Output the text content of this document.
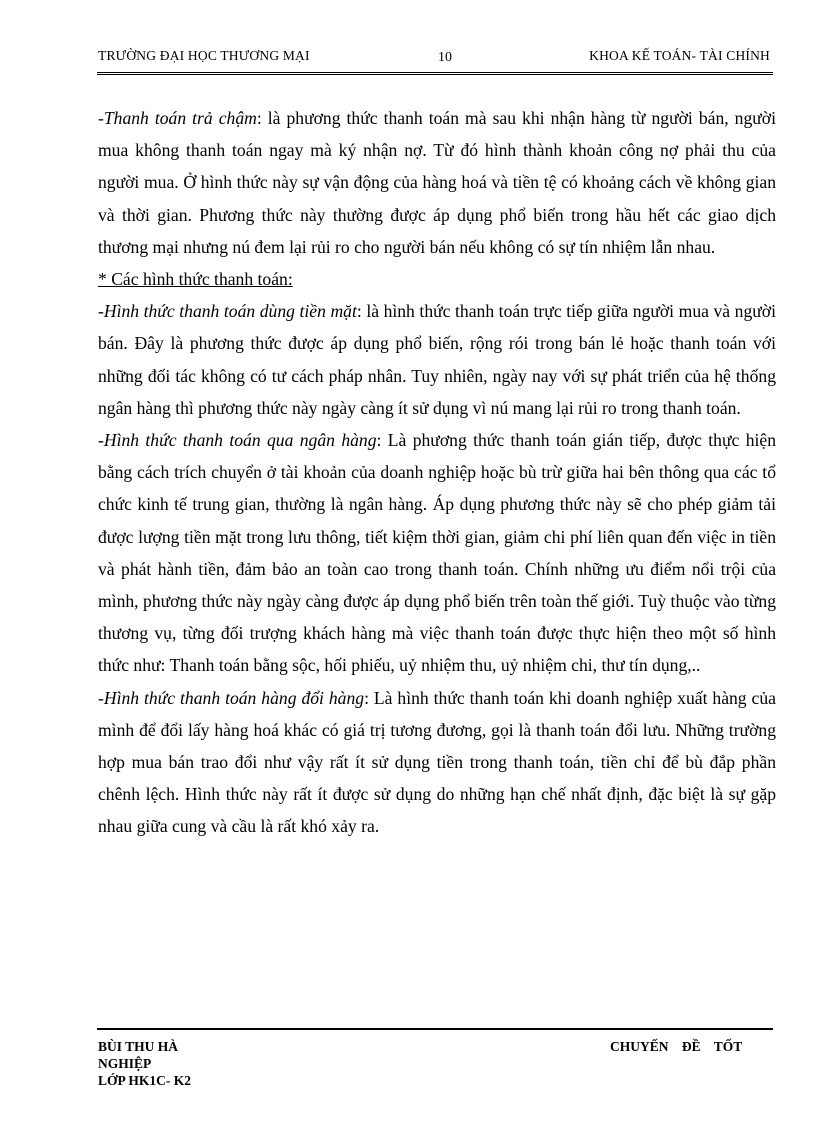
TRƯỜNG ĐẠI HỌC THƯƠNG MẠI	10	KHOA KẾ TOÁN- TÀI CHÍNH

-Thanh toán trả chậm: là phương thức thanh toán mà sau khi nhận hàng từ người bán, người mua không thanh toán ngay mà ký nhận nợ. Từ đó hình thành khoản công nợ phải thu của người mua. Ở hình thức này sự vận động của hàng hoá và tiền tệ có khoảng cách về không gian và thời gian. Phương thức này thường được áp dụng phổ biến trong hầu hết các giao dịch thương mại nhưng nú đem lại rủi ro cho người bán nếu không có sự tín nhiệm lẫn nhau.

* Các hình thức thanh toán:

-Hình thức thanh toán dùng tiền mặt: là hình thức thanh toán trực tiếp giữa người mua và người bán. Đây là phương thức được áp dụng phổ biến, rộng rói trong bán lẻ hoặc thanh toán với những đối tác không có tư cách pháp nhân. Tuy nhiên, ngày nay với sự phát triển của hệ thống ngân hàng thì phương thức này ngày càng ít sử dụng vì nú mang lại rủi ro trong thanh toán.

-Hình thức thanh toán qua ngân hàng: Là phương thức thanh toán gián tiếp, được thực hiện bằng cách trích chuyển ở tài khoản của doanh nghiệp hoặc bù trừ giữa hai bên thông qua các tổ chức kinh tế trung gian, thường là ngân hàng. Áp dụng phương thức này sẽ cho phép giảm tải được lượng tiền mặt trong lưu thông, tiết kiệm thời gian, giảm chi phí liên quan đến việc in tiền và phát hành tiền, đảm bảo an toàn cao trong thanh toán. Chính những ưu điểm nổi trội của mình, phương thức này ngày càng được áp dụng phổ biến trên toàn thế giới. Tuỳ thuộc vào từng thương vụ, từng đối trượng khách hàng mà việc thanh toán được thực hiện theo một số hình thức như: Thanh toán bằng sộc, hối phiếu, uỷ nhiệm thu, uỷ nhiệm chi, thư tín dụng,..

-Hình thức thanh toán hàng đổi hàng: Là hình thức thanh toán khi doanh nghiệp xuất hàng của mình để đổi lấy hàng hoá khác có giá trị tương đương, gọi là thanh toán đổi lưu. Những trường hợp mua bán trao đổi như vậy rất ít sử dụng tiền trong thanh toán, tiền chỉ để bù đắp phần chênh lệch. Hình thức này rất ít được sử dụng do những hạn chế nhất định, đặc biệt là sự gặp nhau giữa cung và cầu là rất khó xảy ra.

BÙI THU HÀ
NGHIỆP
LỚP HK1C- K2
CHUYẾN ĐỀ TỐT
